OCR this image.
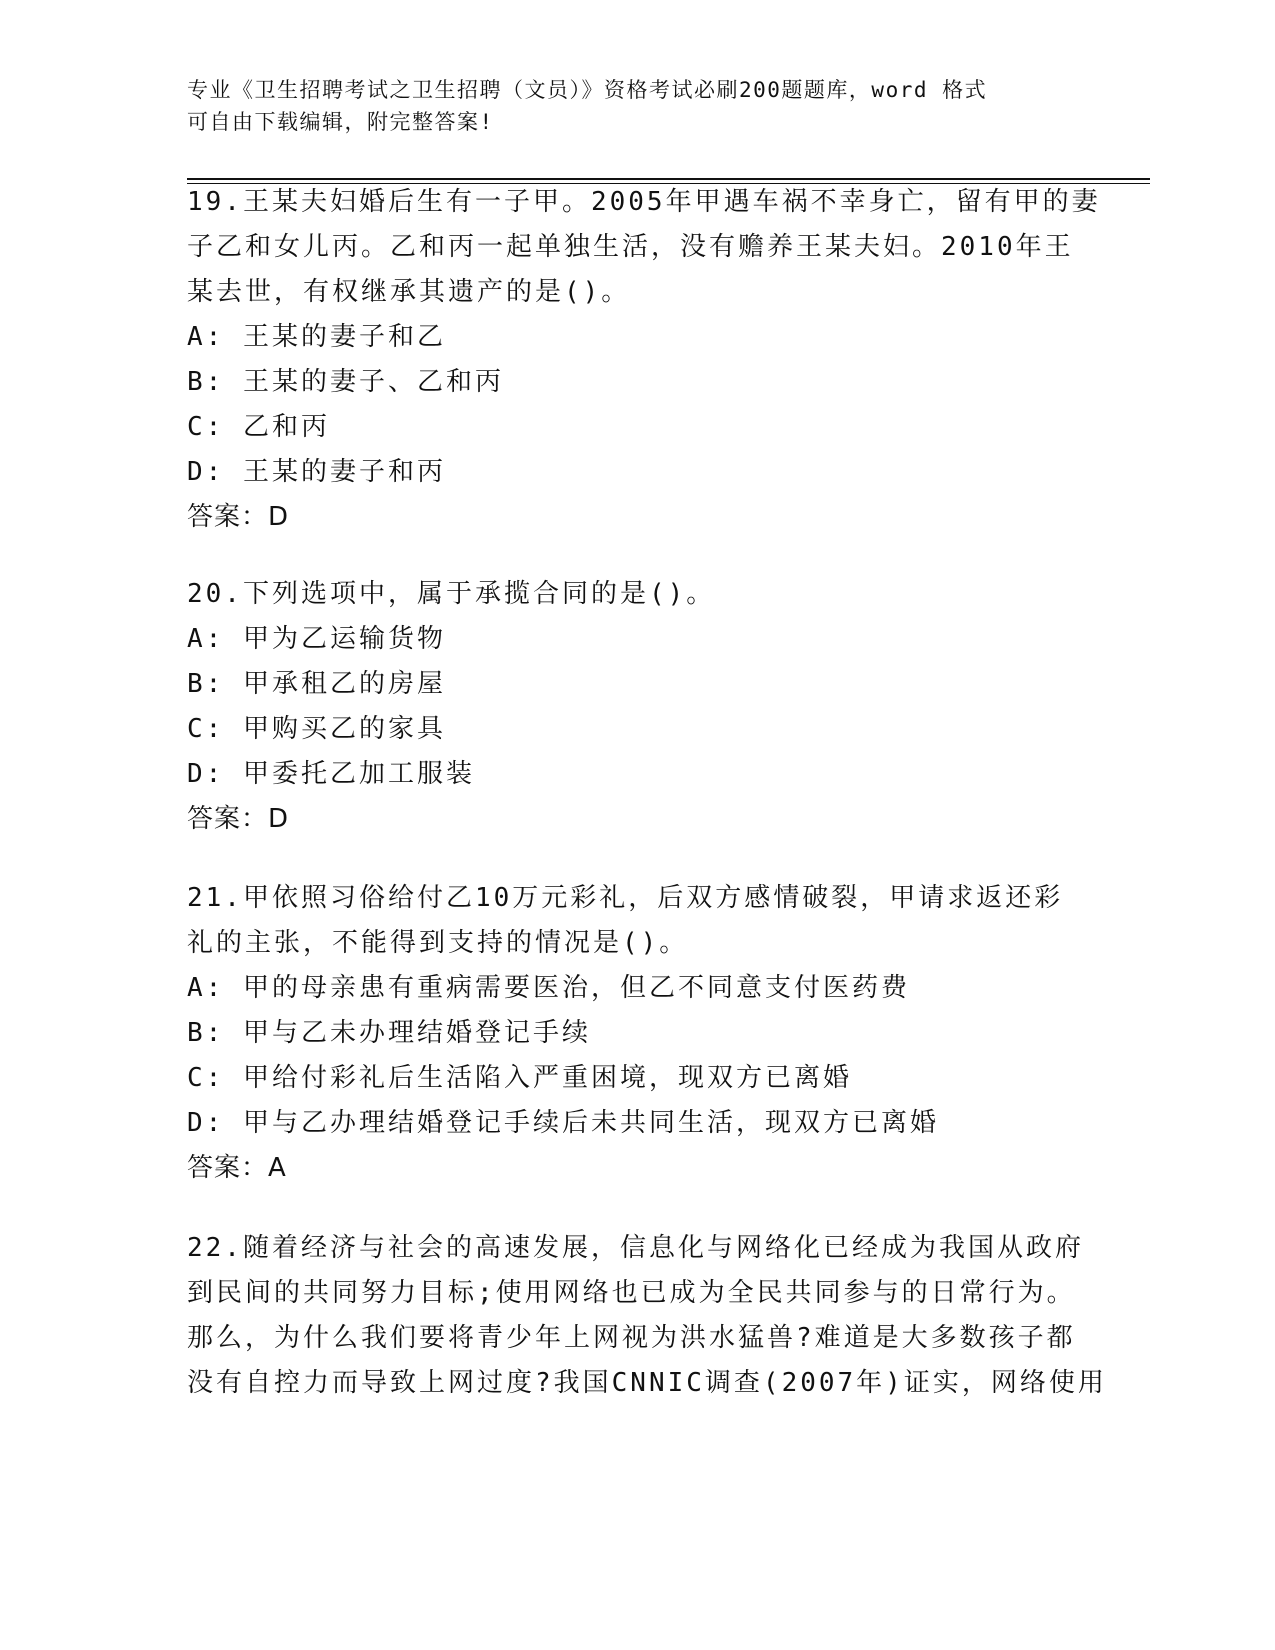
专业《卫生招聘考试之卫生招聘（文员）》资格考试必刷200题题库，word 格式
可自由下载编辑，附完整答案!
19.王某夫妇婚后生有一子甲。2005年甲遇车祸不幸身亡，留有甲的妻
子乙和女儿丙。乙和丙一起单独生活，没有赡养王某夫妇。2010年王
某去世，有权继承其遗产的是()。
A: 王某的妻子和乙
B: 王某的妻子、乙和丙
C: 乙和丙
D: 王某的妻子和丙
答案：D
20.下列选项中，属于承揽合同的是()。
A: 甲为乙运输货物
B: 甲承租乙的房屋
C: 甲购买乙的家具
D: 甲委托乙加工服装
答案：D
21.甲依照习俗给付乙10万元彩礼，后双方感情破裂，甲请求返还彩
礼的主张，不能得到支持的情况是()。
A: 甲的母亲患有重病需要医治，但乙不同意支付医药费
B: 甲与乙未办理结婚登记手续
C: 甲给付彩礼后生活陷入严重困境，现双方已离婚
D: 甲与乙办理结婚登记手续后未共同生活，现双方已离婚
答案：A
22.随着经济与社会的高速发展，信息化与网络化已经成为我国从政府
到民间的共同努力目标;使用网络也已成为全民共同参与的日常行为。
那么，为什么我们要将青少年上网视为洪水猛兽?难道是大多数孩子都
没有自控力而导致上网过度?我国CNNIC调查(2007年)证实，网络使用
